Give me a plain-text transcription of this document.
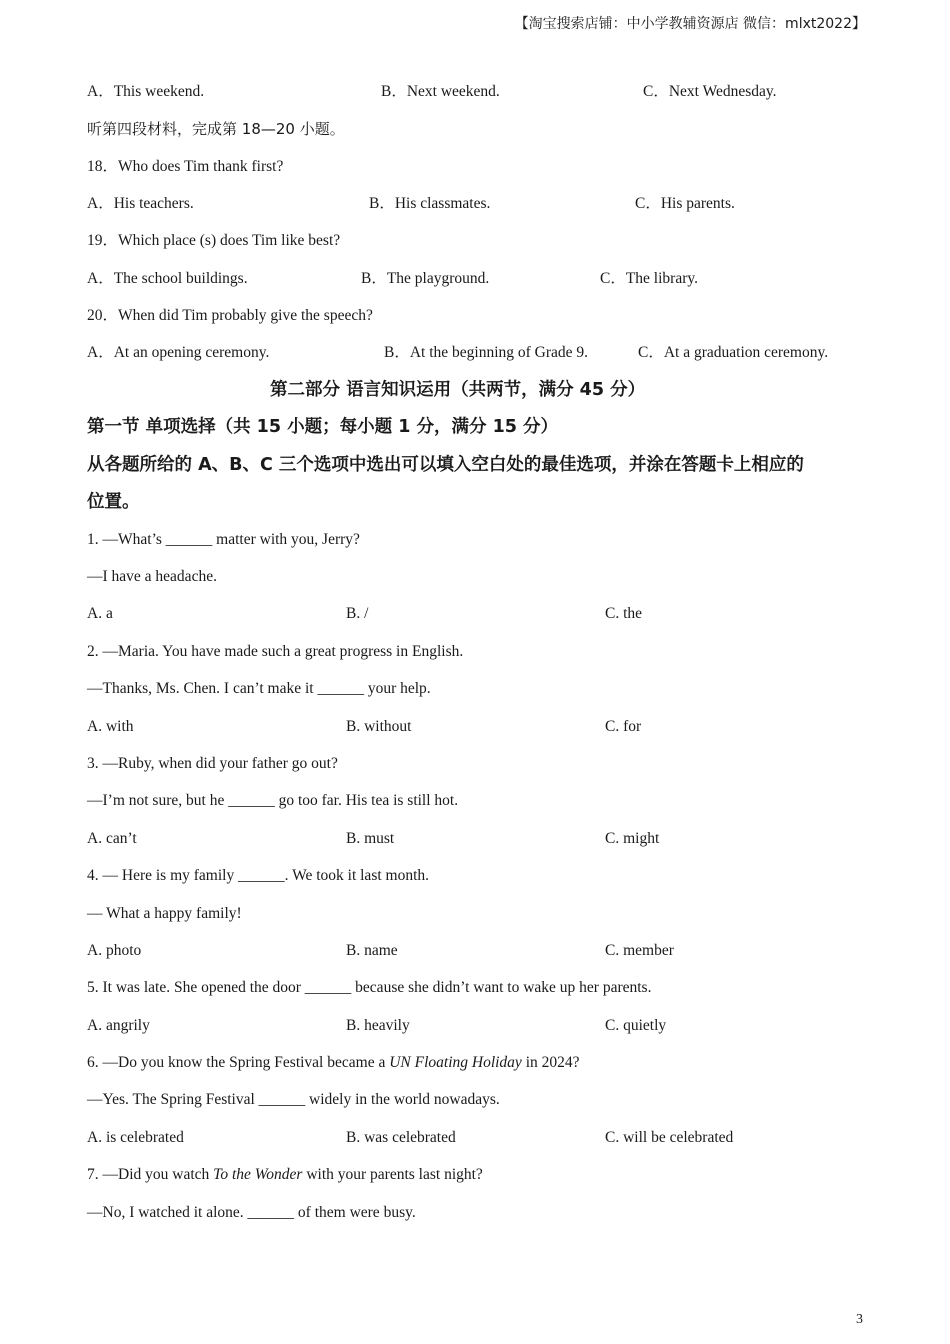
【淘宝搜索店铺：中小学教辅资源店 微信：mlxt2022】
A．This weekend.	B．Next weekend.	C．Next Wednesday.
听第四段材料，完成第 18—20 小题。
18．Who does Tim thank first?
A．His teachers.	B．His classmates.	C．His parents.
19．Which place (s) does Tim like best?
A．The school buildings.	B．The playground.	C．The library.
20．When did Tim probably give the speech?
A．At an opening ceremony.	B．At the beginning of Grade 9.	C．At a graduation ceremony.
第二部分 语言知识运用（共两节，满分 45 分）
第一节 单项选择（共 15 小题；每小题 1 分，满分 15 分）
从各题所给的 A、B、C 三个选项中选出可以填入空白处的最佳选项，并涂在答题卡上相应的
位置。
1. —What’s ______ matter with you, Jerry?
—I have a headache.
A. a	B. /	C. the
2. —Maria. You have made such a great progress in English.
—Thanks, Ms. Chen. I can’t make it ______ your help.
A. with	B. without	C. for
3. —Ruby, when did your father go out?
—I’m not sure, but he ______ go too far. His tea is still hot.
A. can’t	B. must	C. might
4. — Here is my family ______. We took it last month.
— What a happy family!
A. photo	B. name	C. member
5. It was late. She opened the door ______ because she didn’t want to wake up her parents.
A. angrily	B. heavily	C. quietly
6. —Do you know the Spring Festival became a UN Floating Holiday in 2024?
—Yes. The Spring Festival ______ widely in the world nowadays.
A. is celebrated	B. was celebrated	C. will be celebrated
7. —Did you watch To the Wonder with your parents last night?
—No, I watched it alone. ______ of them were busy.
3
